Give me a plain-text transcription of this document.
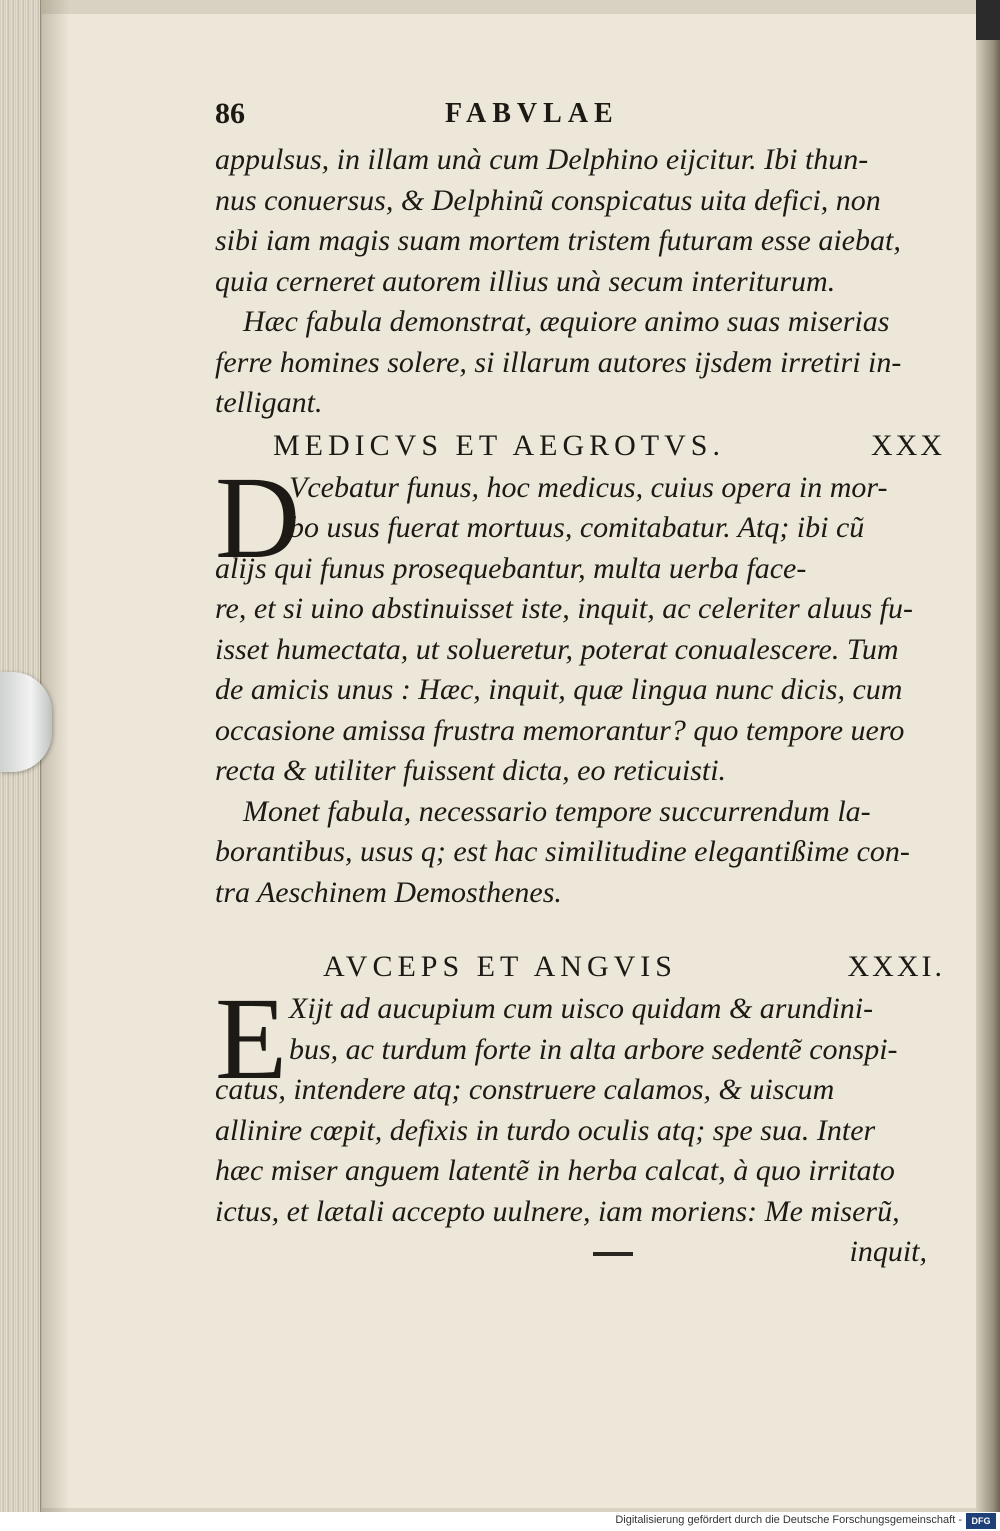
86	FABVLAE
appulsus, in illam unà cum Delphino eijcitur. Ibi thun-
nus conuersus, & Delphinũ conspicatus uita defici, non
sibi iam magis suam mortem tristem futuram esse aiebat,
quia cerneret autorem illius unà secum interiturum.
Hæc fabula demonstrat, æquiore animo suas miserias
ferre homines solere, si illarum autores ijsdem irretiri in-
telligant.
MEDICVS ET AEGROTVS.	XXX
D
Vcebatur funus, hoc medicus, cuius opera in mor-
bo usus fuerat mortuus, comitabatur. Atq; ibi cũ
alijs qui funus prosequebantur, multa uerba face-
re, et si uino abstinuisset iste, inquit, ac celeriter aluus fu-
isset humectata, ut solueretur, poterat conualescere. Tum
de amicis unus : Hæc, inquit, quæ lingua nunc dicis, cum
occasione amissa frustra memorantur? quo tempore uero
recta & utiliter fuissent dicta, eo reticuisti.
Monet fabula, necessario tempore succurrendum la-
borantibus, usus q; est hac similitudine elegantißime con-
tra Aeschinem Demosthenes.
AVCEPS ET ANGVIS	XXXI.
E Xijt ad aucupium cum uisco quidam & arundini-
bus, ac turdum forte in alta arbore sedentẽ conspi-
catus, intendere atq; construere calamos, & uiscum
allinire cœpit, defixis in turdo oculis atq; spe sua. Inter
hæc miser anguem latentẽ in herba calcat, à quo irritato
ictus, et lætali accepto uulnere, iam moriens: Me miserũ,
inquit,
Digitalisierung gefördert durch die Deutsche Forschungsgemeinschaft -	DFG
